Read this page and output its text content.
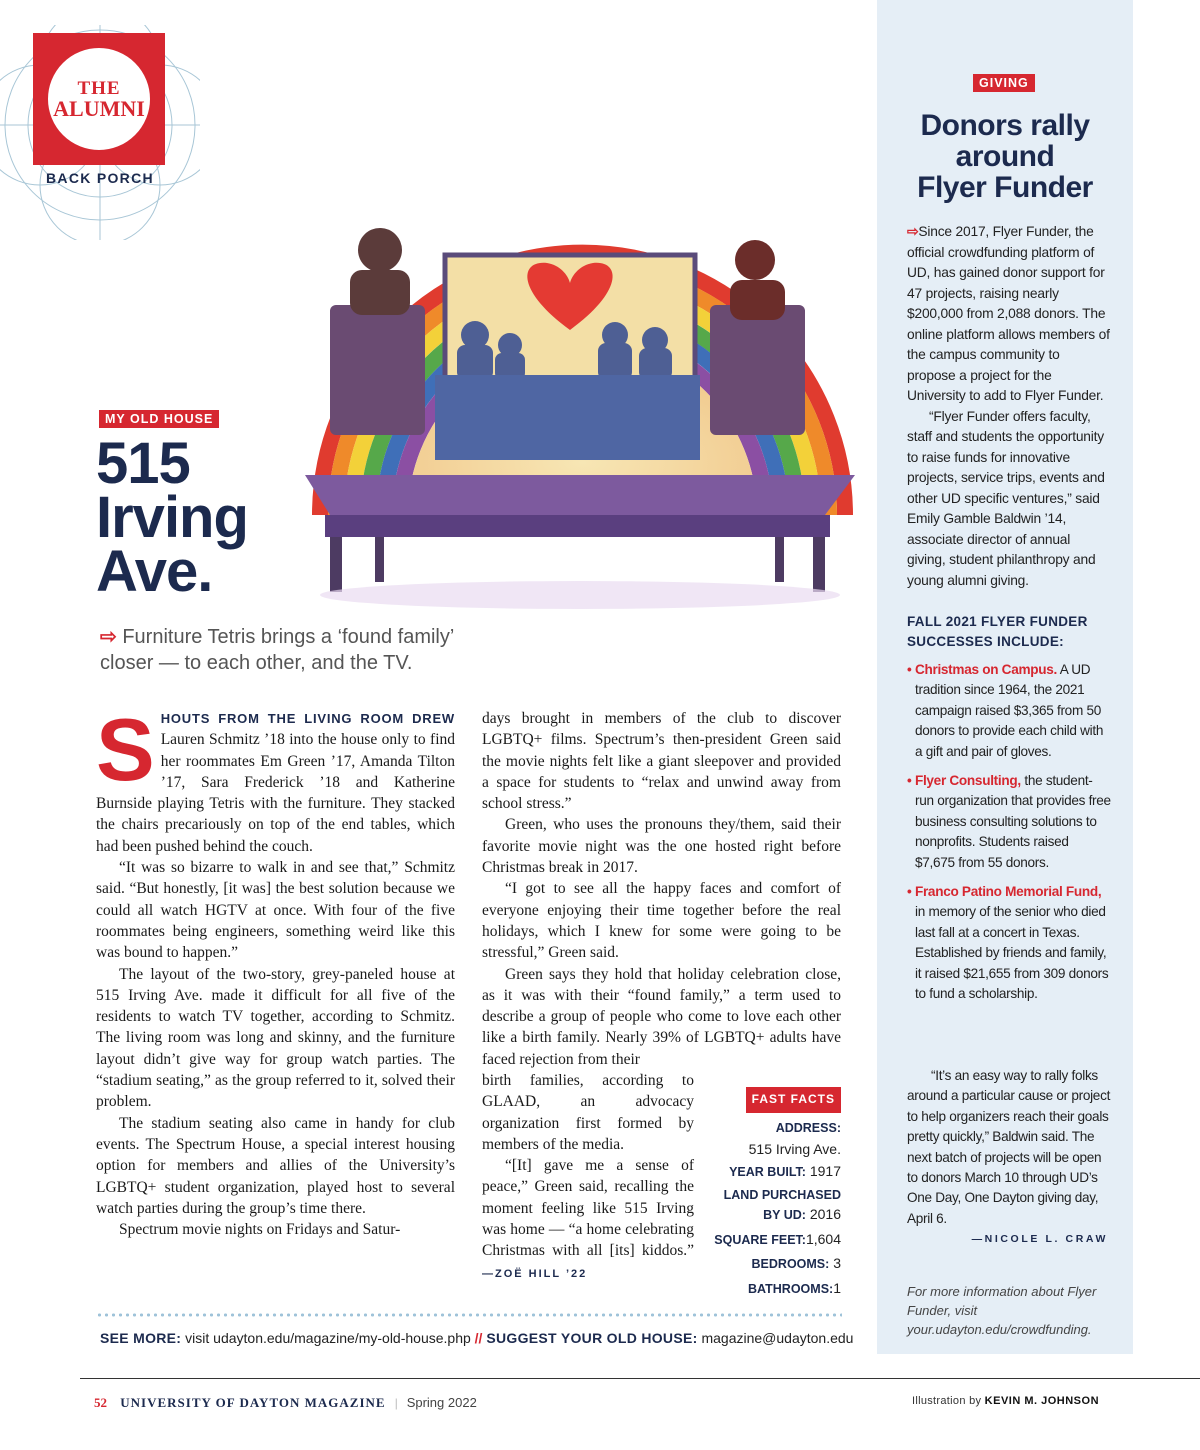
THE
ALUMNI
BACK PORCH
MY OLD HOUSE
515
Irving
Ave.
⇨ Furniture Tetris brings a ‘found family’ closer — to each other, and the TV.

S HOUTS FROM THE LIVING ROOM DREW Lauren Schmitz ’18 into the house only to find her roommates Em Green ’17, Amanda Tilton ’17, Sara Frederick ’18 and Katherine Burnside playing Tetris with the furniture. They stacked the chairs precariously on top of the end tables, which had been pushed behind the couch.

“It was so bizarre to walk in and see that,” Schmitz said. “But honestly, [it was] the best solution because we could all watch HGTV at once. With four of the five roommates being engineers, something weird like this was bound to happen.”

The layout of the two-story, grey-paneled house at 515 Irving Ave. made it difficult for all five of the residents to watch TV together, according to Schmitz. The living room was long and skinny, and the furniture layout didn’t give way for group watch parties. The “stadium seating,” as the group referred to it, solved their problem.

The stadium seating also came in handy for club events. The Spectrum House, a special interest housing option for members and allies of the University’s LGBTQ+ student organization, played host to several watch parties during the group’s time there.

Spectrum movie nights on Fridays and Satur-

days brought in members of the club to discover LGBTQ+ films. Spectrum’s then-president Green said the movie nights felt like a giant sleepover and provided a space for students to “relax and unwind away from school stress.”

Green, who uses the pronouns they/them, said their favorite movie night was the one hosted right before Christmas break in 2017.

“I got to see all the happy faces and comfort of everyone enjoying their time together before the real holidays, which I knew for some were going to be stressful,” Green said.

Green says they hold that holiday celebration close, as it was with their “found family,” a term used to describe a group of people who come to love each other like a birth family. Nearly 39% of LGBTQ+ adults have faced rejection from their

birth families, according to GLAAD, an advocacy organization first formed by members of the media.

“[It] gave me a sense of peace,” Green said, recalling the moment feeling like 515 Irving was home — “a home celebrating Christmas with all [its] kiddos.” —ZOË HILL ’22

FAST FACTS
ADDRESS:
515 Irving Ave.
YEAR BUILT: 1917
LAND PURCHASED
BY UD: 2016
SQUARE FEET:1,604
BEDROOMS: 3
BATHROOMS:1
SEE MORE: visit udayton.edu/magazine/my-old-house.php // SUGGEST YOUR OLD HOUSE: magazine@udayton.edu
52 UNIVERSITY OF DAYTON MAGAZINE | Spring 2022	Illustration by KEVIN M. JOHNSON
GIVING
Donors rally
around
Flyer Funder

⇨Since 2017, Flyer Funder, the official crowdfunding platform of UD, has gained donor support for 47 projects, raising nearly $200,000 from 2,088 donors. The online platform allows members of the campus community to propose a project for the University to add to Flyer Funder.

“Flyer Funder offers faculty, staff and students the opportunity to raise funds for innovative projects, service trips, events and other UD specific ventures,” said Emily Gamble Baldwin ’14, associate director of annual giving, student philanthropy and young alumni giving.

FALL 2021 FLYER FUNDER
SUCCESSES INCLUDE:
• Christmas on Campus. A UD tradition since 1964, the 2021 campaign raised $3,365 from 50 donors to provide each child with a gift and pair of gloves.
• Flyer Consulting, the student-run organization that provides free business consulting solutions to nonprofits. Students raised $7,675 from 55 donors.
• Franco Patino Memorial Fund, in memory of the senior who died last fall at a concert in Texas. Established by friends and family, it raised $21,655 from 309 donors to fund a scholarship.

“It’s an easy way to rally folks around a particular cause or project to help organizers reach their goals pretty quickly,” Baldwin said. The next batch of projects will be open to donors March 10 through UD’s One Day, One Dayton giving day, April 6.

—NICOLE L. CRAW
For more information about Flyer Funder, visit your.udayton.edu/crowdfunding.
